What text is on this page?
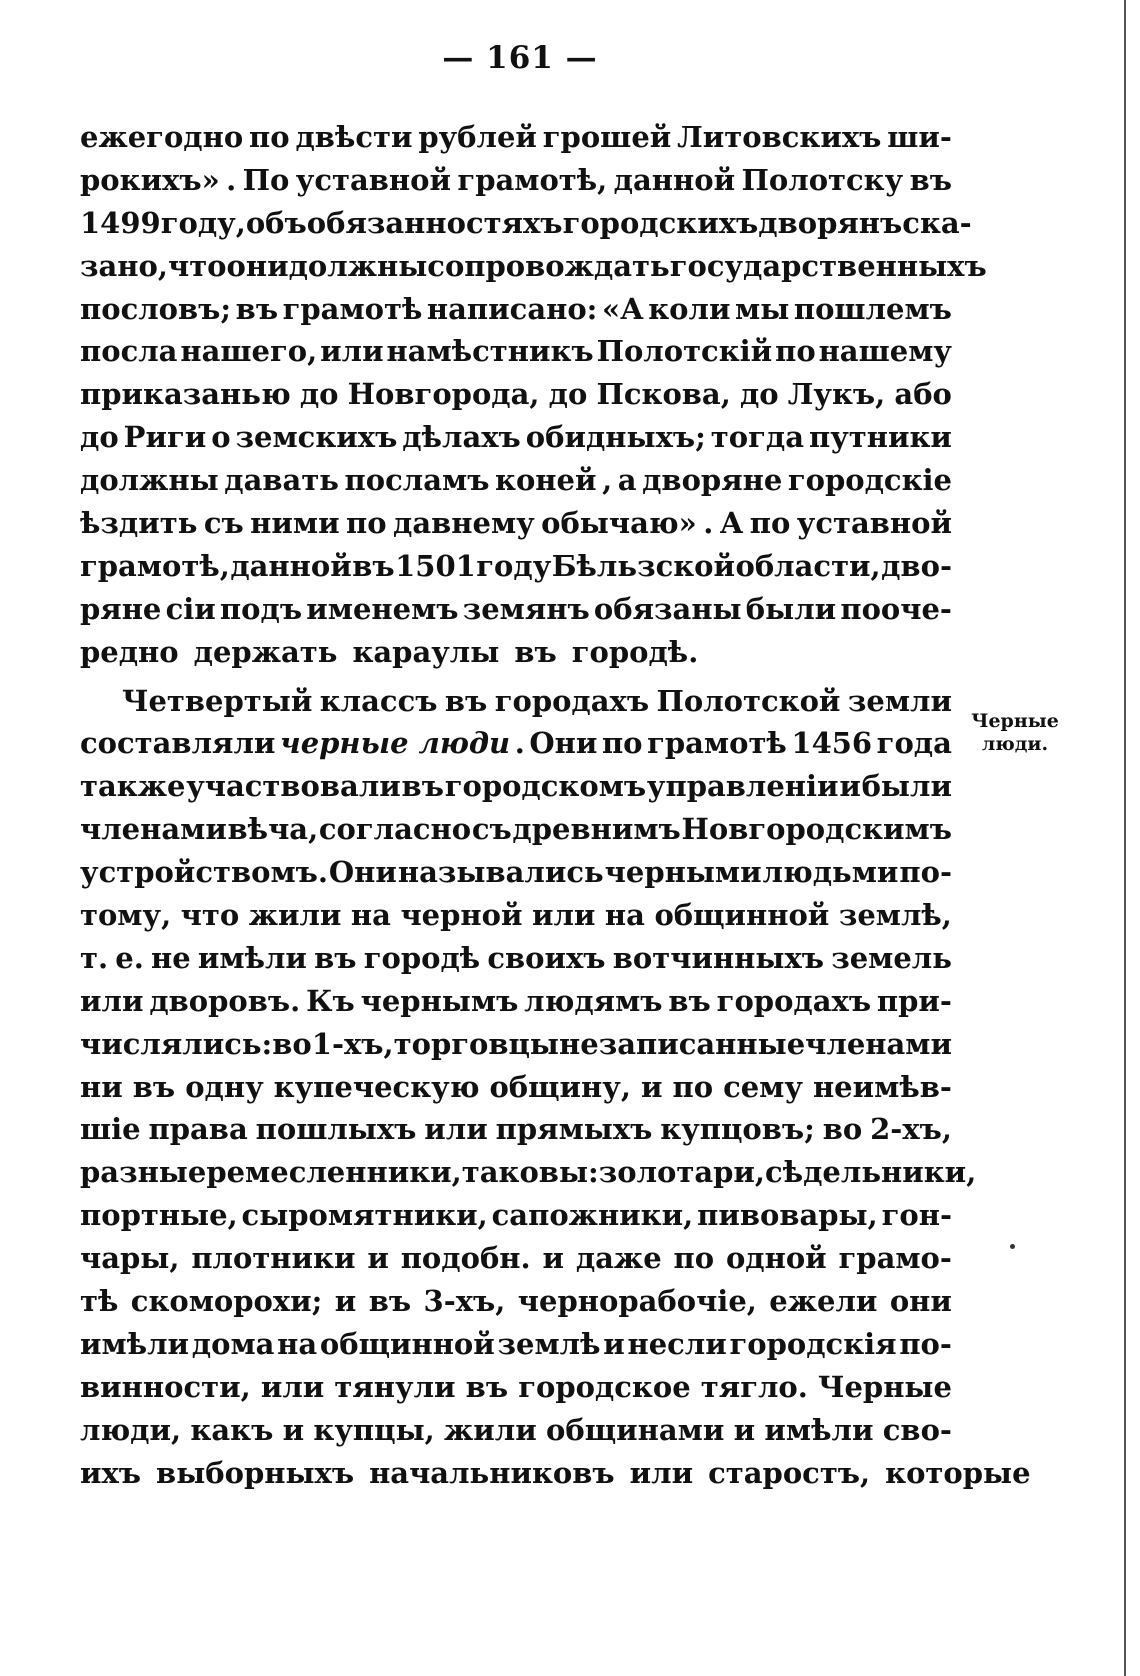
— 161 —
ежегодно по двѣсти рублей грошей Литовскихъ ши-
рокихъ» . По уставной грамотѣ, данной Полотску въ
1499 году, объ обязанностяхъ городскихъ дворянъ ска-
зано, что они должны сопровождать государственныхъ
пословъ; въ грамотѣ написано: «А коли мы пошлемъ
посла нашего, или намѣстникъ Полотскій по нашему
приказанью до Новгорода, до Пскова, до Лукъ, або
до Риги о земскихъ дѣлахъ обидныхъ; тогда путники
должны давать посламъ коней , а дворяне городскіе
ѣздить съ ними по давнему обычаю» . А по уставной
грамотѣ, данной въ 1501 году Бѣльзской области, дво-
ряне сіи подъ именемъ земянъ обязаны были пооче-
редно держать караулы въ городѣ.
Четвертый классъ въ городахъ Полотской земли
составляли черные люди . Они по грамотѣ 1456 года
также участвовали въ городскомъ управленіи и были
членами вѣча, согласно съ древнимъ Новгородскимъ
устройствомъ. Они назывались черными людьми по-
тому, что жили на черной или на общинной землѣ,
т. е. не имѣли въ городѣ своихъ вотчинныхъ земель
или дворовъ. Къ чернымъ людямъ въ городахъ при-
числялись: во 1-хъ, торговцы не записанные членами
ни въ одну купеческую общину, и по сему неимѣв-
шіе права пошлыхъ или прямыхъ купцовъ; во 2-хъ,
разные ремесленники, таковы: золотари, сѣдельники,
портные, сыромятники, сапожники, пивовары, гон-
чары, плотники и подобн. и даже по одной грамо-
тѣ скоморохи; и въ 3-хъ, чернорабочіе, ежели они
имѣли дома на общинной землѣ и несли городскія по-
винности, или тянули въ городское тягло. Черные
люди, какъ и купцы, жили общинами и имѣли сво-
ихъ выборныхъ начальниковъ или старостъ, которые
Черные
люди.
